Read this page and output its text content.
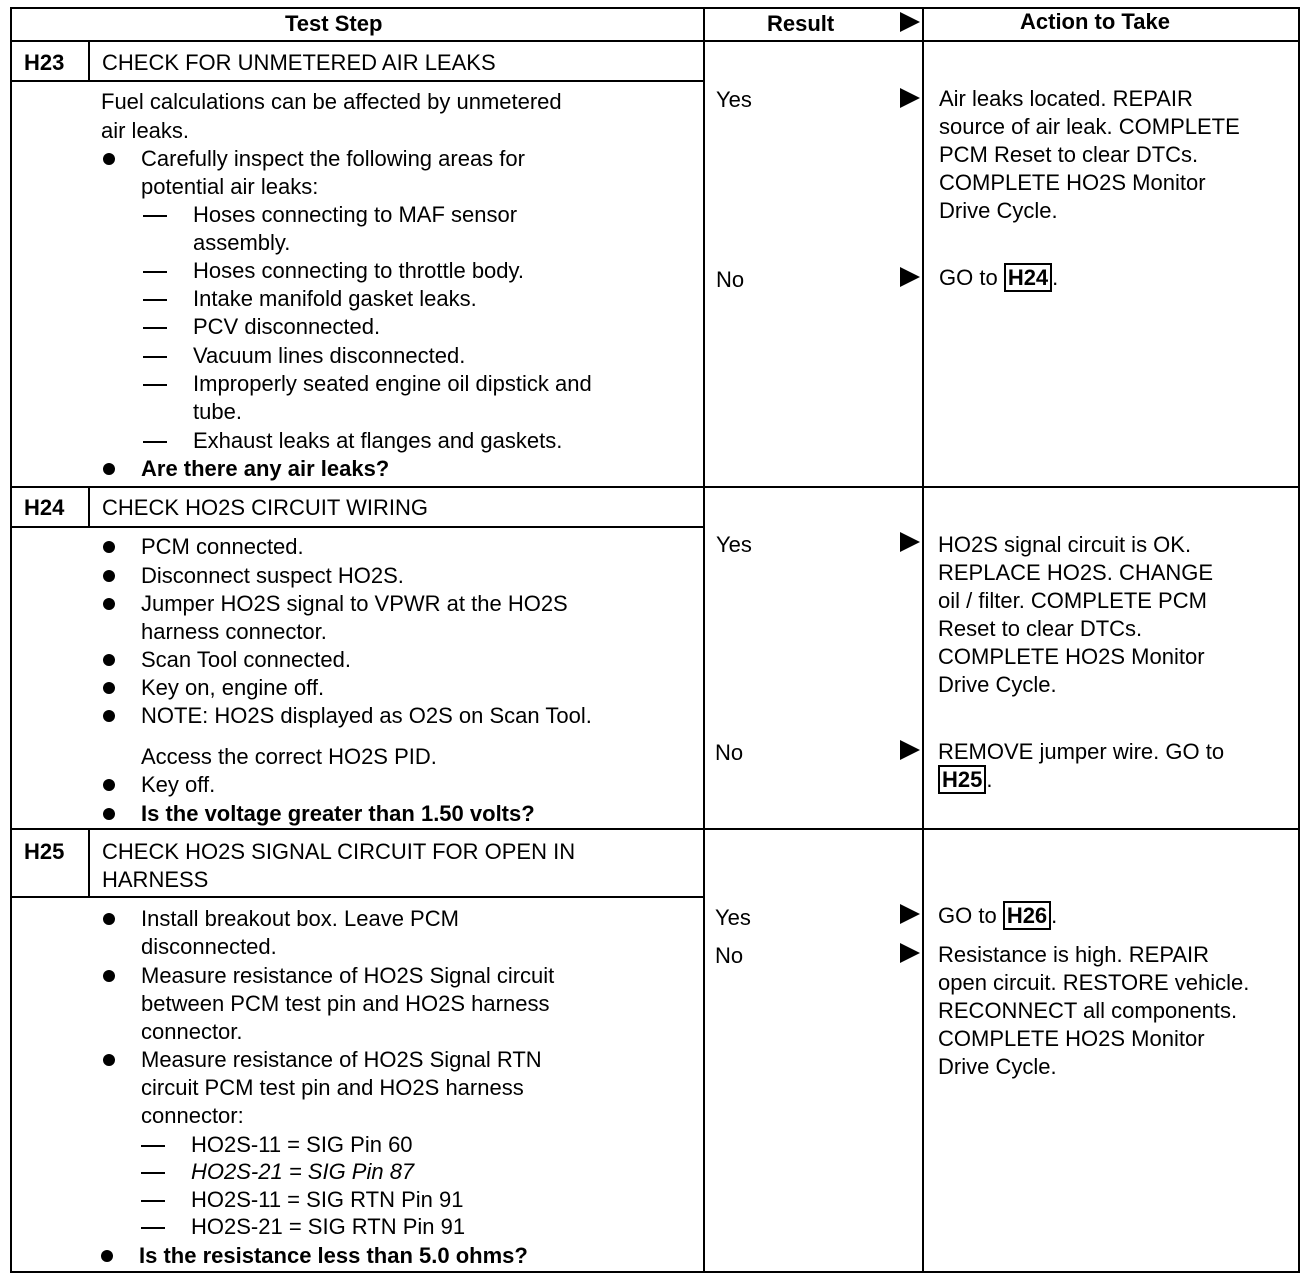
Test Step	Result	Action to Take
H23 CHECK FOR UNMETERED AIR LEAKS
Fuel calculations can be affected by unmetered
air leaks.
Carefully inspect the following areas for
potential air leaks:
Hoses connecting to MAF sensor
assembly.
Hoses connecting to throttle body.
Intake manifold gasket leaks.
PCV disconnected.
Vacuum lines disconnected.
Improperly seated engine oil dipstick and
tube.
Exhaust leaks at flanges and gaskets.
Are there any air leaks?
Yes	Air leaks located. REPAIR
source of air leak. COMPLETE
PCM Reset to clear DTCs.
COMPLETE HO2S Monitor
Drive Cycle.
No	GO to H24 .
H24 CHECK HO2S CIRCUIT WIRING
PCM connected.
Disconnect suspect HO2S.
Jumper HO2S signal to VPWR at the HO2S
harness connector.
Scan Tool connected.
Key on, engine off.
NOTE: HO2S displayed as O2S on Scan Tool.
Access the correct HO2S PID.
Key off.
Is the voltage greater than 1.50 volts?
Yes	HO2S signal circuit is OK.
REPLACE HO2S. CHANGE
oil / filter. COMPLETE PCM
Reset to clear DTCs.
COMPLETE HO2S Monitor
Drive Cycle.
No	REMOVE jumper wire. GO to
H25 .
H25 CHECK HO2S SIGNAL CIRCUIT FOR OPEN IN
HARNESS
Install breakout box. Leave PCM
disconnected.
Measure resistance of HO2S Signal circuit
between PCM test pin and HO2S harness
connector.
Measure resistance of HO2S Signal RTN
circuit PCM test pin and HO2S harness
connector:
HO2S-11 = SIG Pin 60
HO2S-21 = SIG Pin 87
HO2S-11 = SIG RTN Pin 91
HO2S-21 = SIG RTN Pin 91
Is the resistance less than 5.0 ohms?
Yes	GO to H26 .
No	Resistance is high. REPAIR
open circuit. RESTORE vehicle.
RECONNECT all components.
COMPLETE HO2S Monitor
Drive Cycle.
